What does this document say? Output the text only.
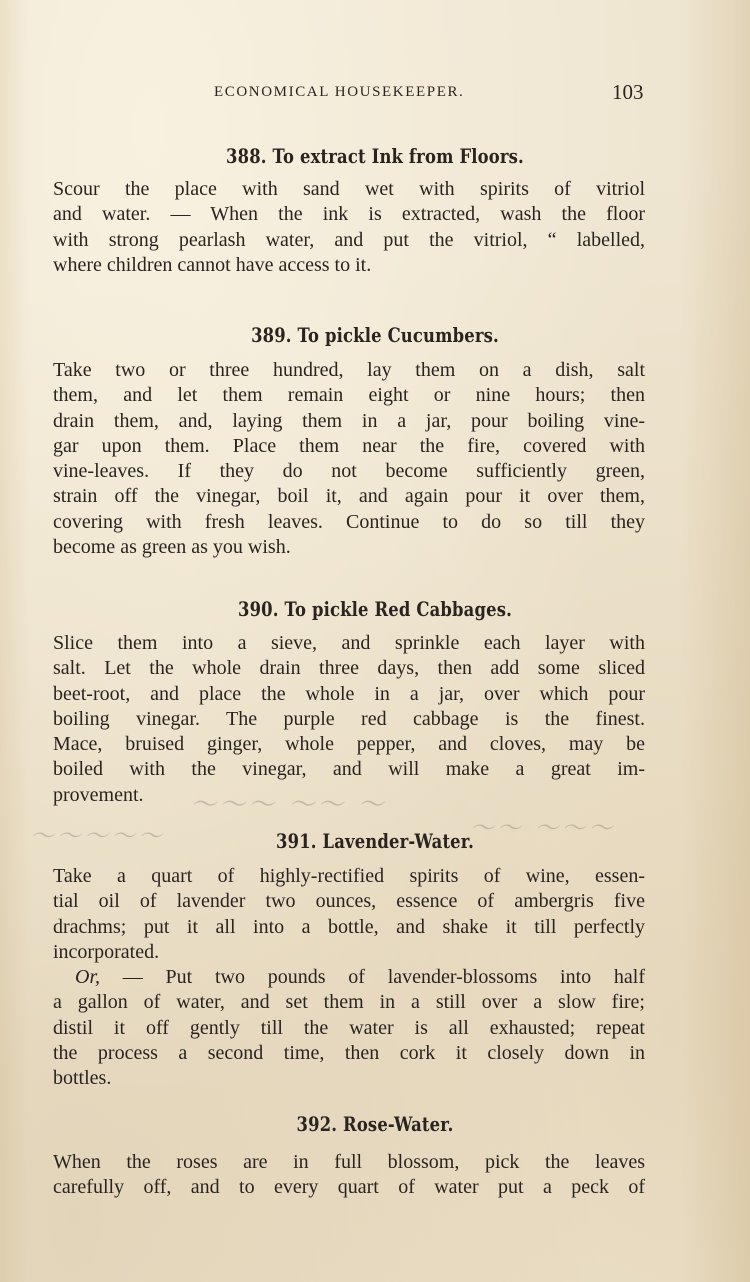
ECONOMICAL HOUSEKEEPER.	103
388. To extract Ink from Floors.
Scour the place with sand wet with spirits of vitriol
and water. — When the ink is extracted, wash the floor
with strong pearlash water, and put the vitriol, “ labelled,
where children cannot have access to it.
389. To pickle Cucumbers.
Take two or three hundred, lay them on a dish, salt
them, and let them remain eight or nine hours; then
drain them, and, laying them in a jar, pour boiling vine-
gar upon them. Place them near the fire, covered with
vine-leaves. If they do not become sufficiently green,
strain off the vinegar, boil it, and again pour it over them,
covering with fresh leaves. Continue to do so till they
become as green as you wish.
390. To pickle Red Cabbages.
Slice them into a sieve, and sprinkle each layer with
salt. Let the whole drain three days, then add some sliced
beet-root, and place the whole in a jar, over which pour
boiling vinegar. The purple red cabbage is the finest.
Mace, bruised ginger, whole pepper, and cloves, may be
boiled with the vinegar, and will make a great im-
provement.	〜〜〜 〜〜 〜
〜〜〜〜〜	〜〜 〜〜〜
391. Lavender-Water.
Take a quart of highly-rectified spirits of wine, essen-
tial oil of lavender two ounces, essence of ambergris five
drachms; put it all into a bottle, and shake it till perfectly
incorporated.
Or, — Put two pounds of lavender-blossoms into half
a gallon of water, and set them in a still over a slow fire;
distil it off gently till the water is all exhausted; repeat
the process a second time, then cork it closely down in
bottles.
392. Rose-Water.
When the roses are in full blossom, pick the leaves
carefully off, and to every quart of water put a peck of
